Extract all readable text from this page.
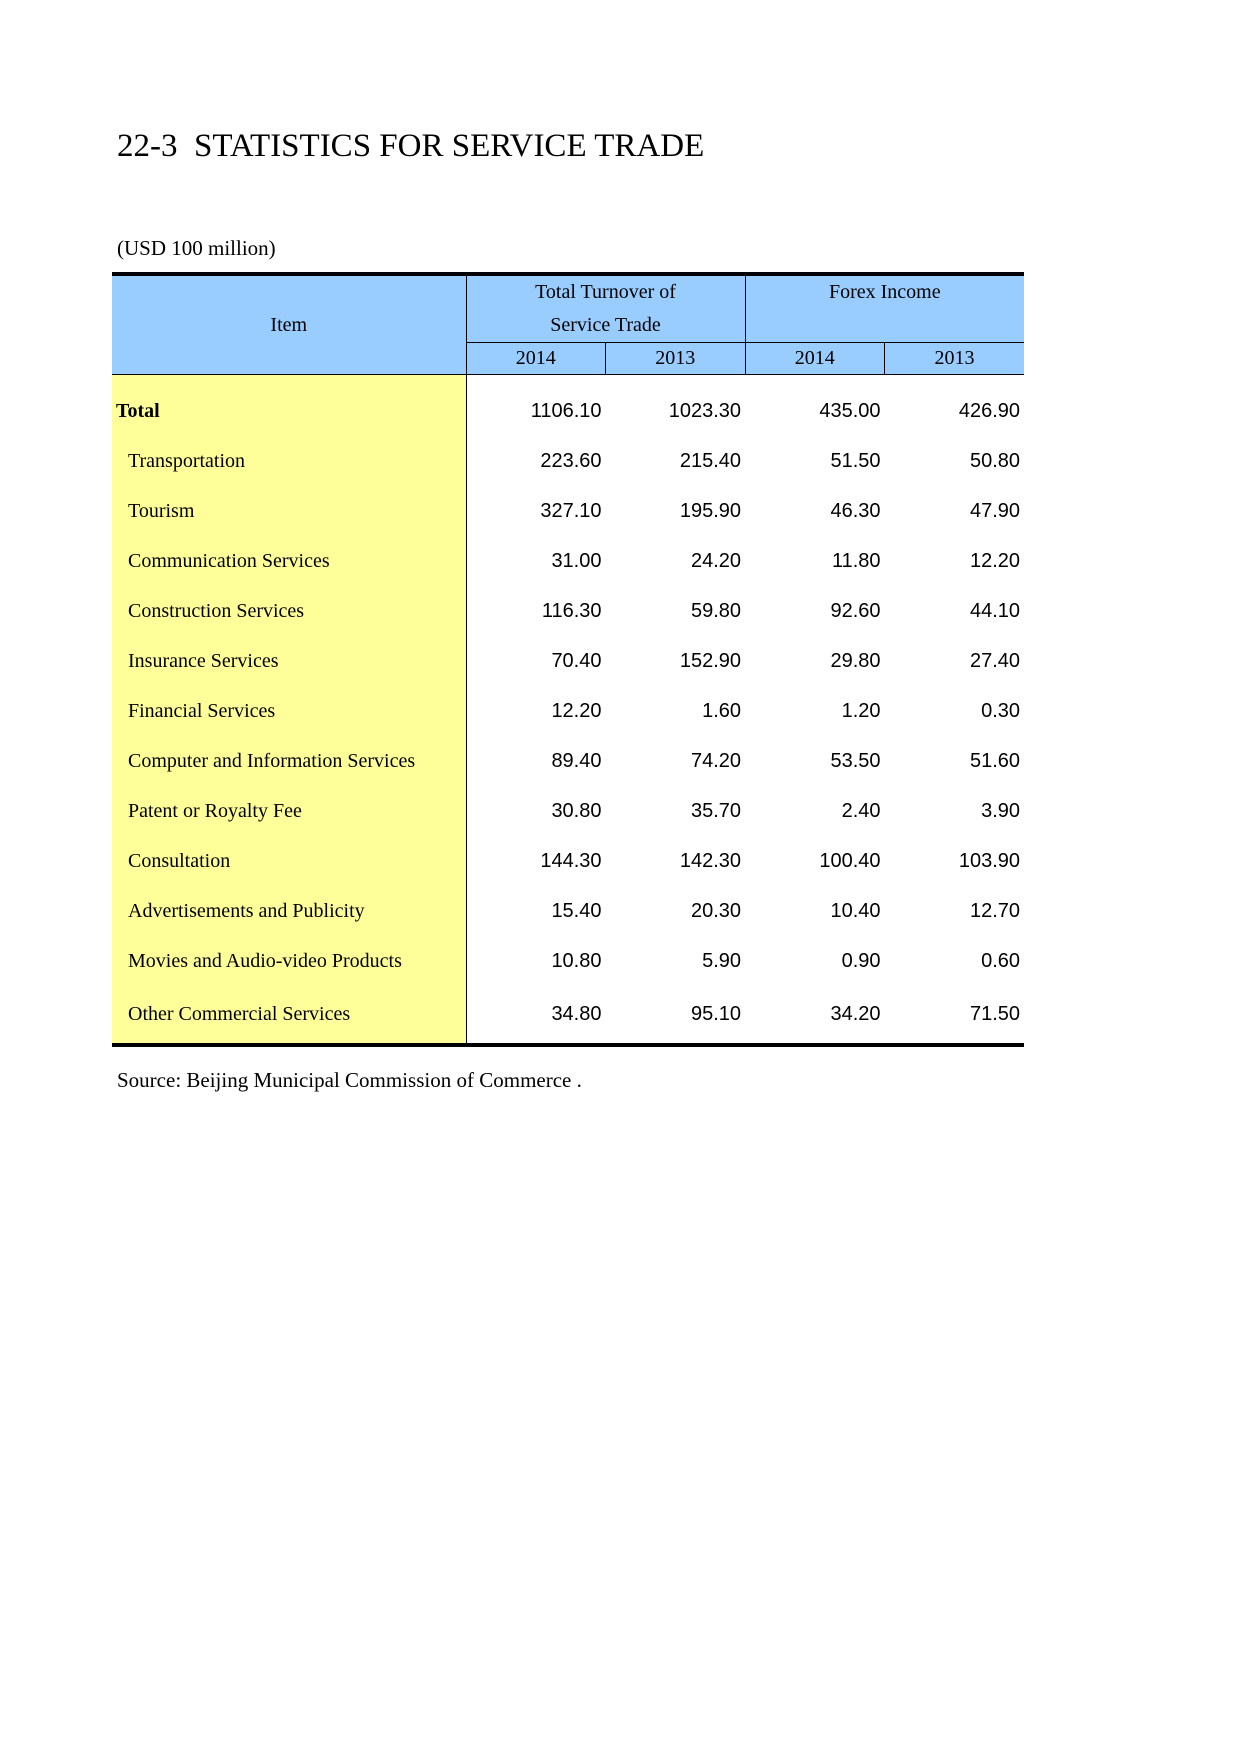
22-3  STATISTICS FOR SERVICE TRADE
(USD 100 million)
Item	Total Turnover of
Service Trade		Forex Income	
	2014	2013	2014	2013

Total	1106.10	1023.30	435.00	426.90
Transportation	223.60	215.40	51.50	50.80
Tourism	327.10	195.90	46.30	47.90
Communication Services	31.00	24.20	11.80	12.20
Construction Services	116.30	59.80	92.60	44.10
Insurance Services	70.40	152.90	29.80	27.40
Financial Services	12.20	1.60	1.20	0.30
Computer and Information Services	89.40	74.20	53.50	51.60
Patent or Royalty Fee	30.80	35.70	2.40	3.90
Consultation	144.30	142.30	100.40	103.90
Advertisements and Publicity	15.40	20.30	10.40	12.70
Movies and Audio-video Products	10.80	5.90	0.90	0.60
Other Commercial Services	34.80	95.10	34.20	71.50
Source: Beijing Municipal Commission of Commerce .
